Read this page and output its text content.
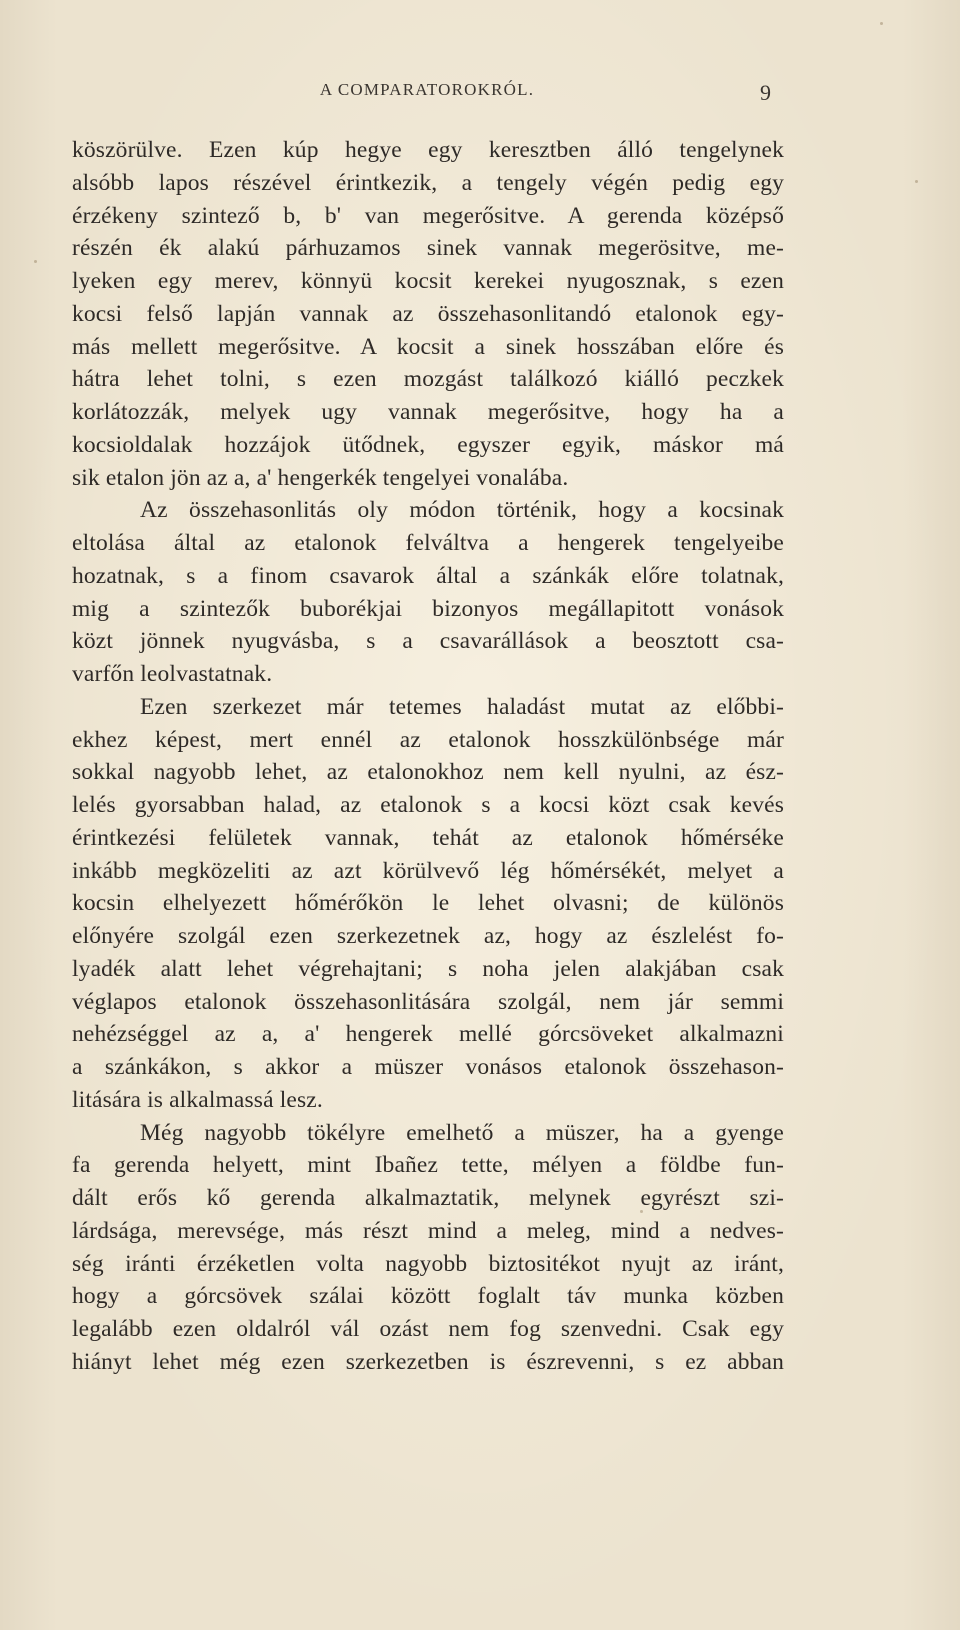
A COMPARATOROKRÓL.	9
köszörülve. Ezen kúp hegye egy keresztben álló tengelynek
alsóbb lapos részével érintkezik, a tengely végén pedig egy
érzékeny szintező b, b' van megerősitve. A gerenda középső
részén ék alakú párhuzamos sinek vannak megerösitve, me-
lyeken egy merev, könnyü kocsit kerekei nyugosznak, s ezen
kocsi felső lapján vannak az összehasonlitandó etalonok egy-
más mellett megerősitve. A kocsit a sinek hosszában előre és
hátra lehet tolni, s ezen mozgást találkozó kiálló peczkek
korlátozzák, melyek ugy vannak megerősitve, hogy ha a
kocsioldalak hozzájok ütődnek, egyszer egyik, máskor má
sik etalon jön az a, a' hengerkék tengelyei vonalába.
Az összehasonlitás oly módon történik, hogy a kocsinak
eltolása által az etalonok felváltva a hengerek tengelyeibe
hozatnak, s a finom csavarok által a szánkák előre tolatnak,
mig a szintezők buborékjai bizonyos megállapitott vonások
közt jönnek nyugvásba, s a csavarállások a beosztott csa-
varfőn leolvastatnak.
Ezen szerkezet már tetemes haladást mutat az előbbi-
ekhez képest, mert ennél az etalonok hosszkülönbsége már
sokkal nagyobb lehet, az etalonokhoz nem kell nyulni, az ész-
lelés gyorsabban halad, az etalonok s a kocsi közt csak kevés
érintkezési felületek vannak, tehát az etalonok hőmérséke
inkább megközeliti az azt körülvevő lég hőmérsékét, melyet a
kocsin elhelyezett hőmérőkön le lehet olvasni; de különös
előnyére szolgál ezen szerkezetnek az, hogy az észlelést fo-
lyadék alatt lehet végrehajtani; s noha jelen alakjában csak
véglapos etalonok összehasonlitására szolgál, nem jár semmi
nehézséggel az a, a' hengerek mellé górcsöveket alkalmazni
a szánkákon, s akkor a müszer vonásos etalonok összehason-
litására is alkalmassá lesz.
Még nagyobb tökélyre emelhető a müszer, ha a gyenge
fa gerenda helyett, mint Ibañez tette, mélyen a földbe fun-
dált erős kő gerenda alkalmaztatik, melynek egyrészt szi-
lárdsága, merevsége, más részt mind a meleg, mind a nedves-
ség iránti érzéketlen volta nagyobb biztositékot nyujt az iránt,
hogy a górcsövek szálai között foglalt táv munka közben
legalább ezen oldalról vál ozást nem fog szenvedni. Csak egy
hiányt lehet még ezen szerkezetben is észrevenni, s ez abban
